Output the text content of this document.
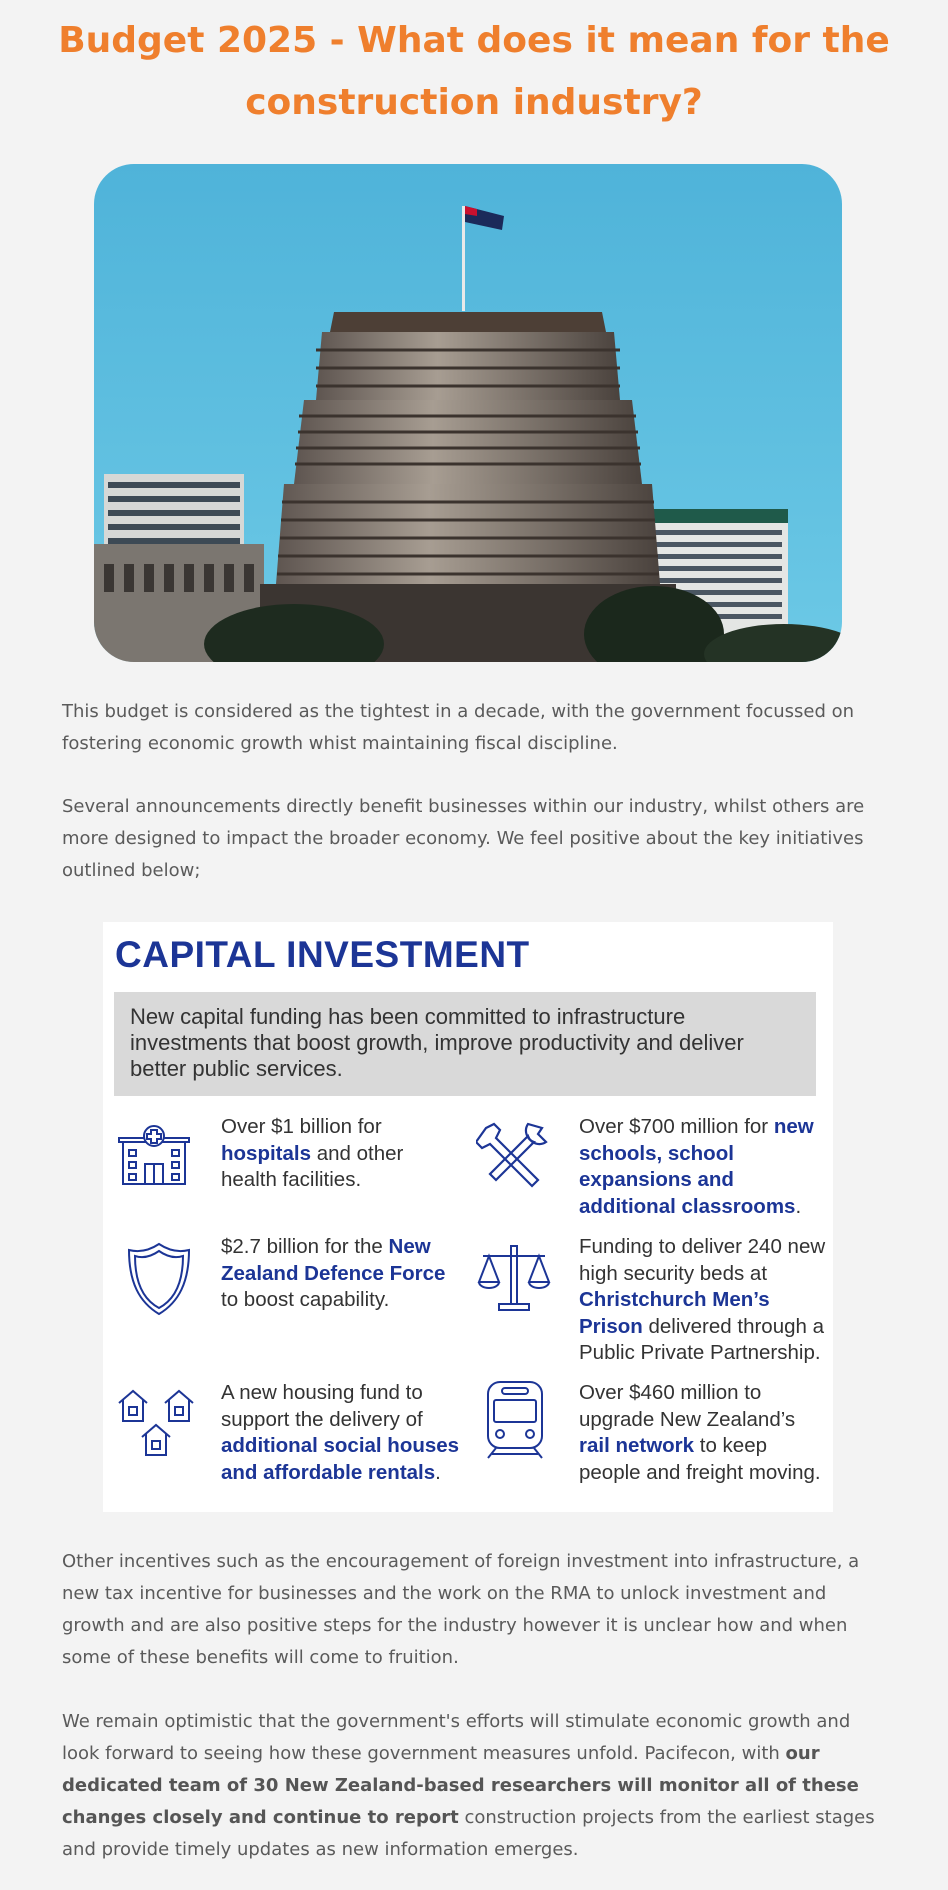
Budget 2025 - What does it mean for the construction industry?

This budget is considered as the tightest in a decade, with the government focussed on fostering economic growth whist maintaining fiscal discipline.

Several announcements directly benefit businesses within our industry, whilst others are more designed to impact the broader economy. We feel positive about the key initiatives outlined below;

CAPITAL INVESTMENT
New capital funding has been committed to infrastructure investments that boost growth, improve productivity and deliver better public services.
Over $1 billion for hospitals and other health facilities.
Over $700 million for new schools, school expansions and additional classrooms.
$2.7 billion for the New Zealand Defence Force to boost capability.
Funding to deliver 240 new high security beds at Christchurch Men’s Prison delivered through a Public Private Partnership.
A new housing fund to support the delivery of additional social houses and affordable rentals.
Over $460 million to upgrade New Zealand’s rail network to keep people and freight moving.

Other incentives such as the encouragement of foreign investment into infrastructure, a new tax incentive for businesses and the work on the RMA to unlock investment and growth and are also positive steps for the industry however it is unclear how and when some of these benefits will come to fruition.

We remain optimistic that the government's efforts will stimulate economic growth and look forward to seeing how these government measures unfold. Pacifecon, with our dedicated team of 30 New Zealand-based researchers will monitor all of these changes closely and continue to report construction projects from the earliest stages and provide timely updates as new information emerges.
